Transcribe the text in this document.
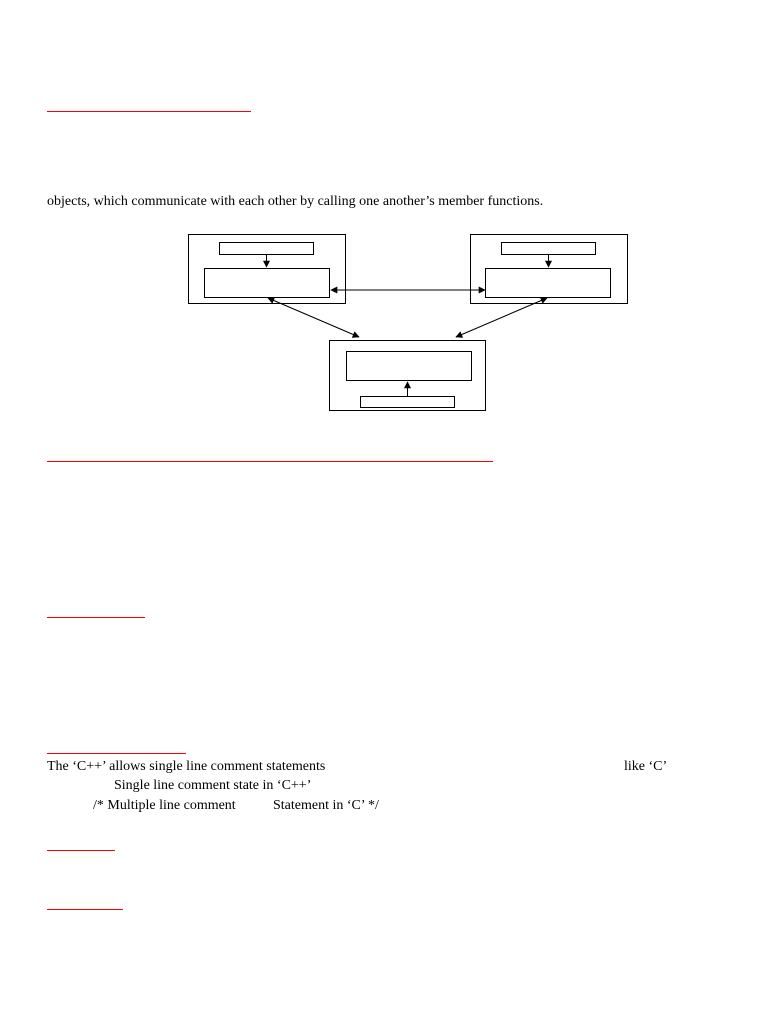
objects, which communicate with each other by calling one another’s member functions.
The ‘C++’ allows single line comment statements	like ‘C’
Single line comment state in ‘C++’
/* Multiple line comment	Statement in ‘C’ */
